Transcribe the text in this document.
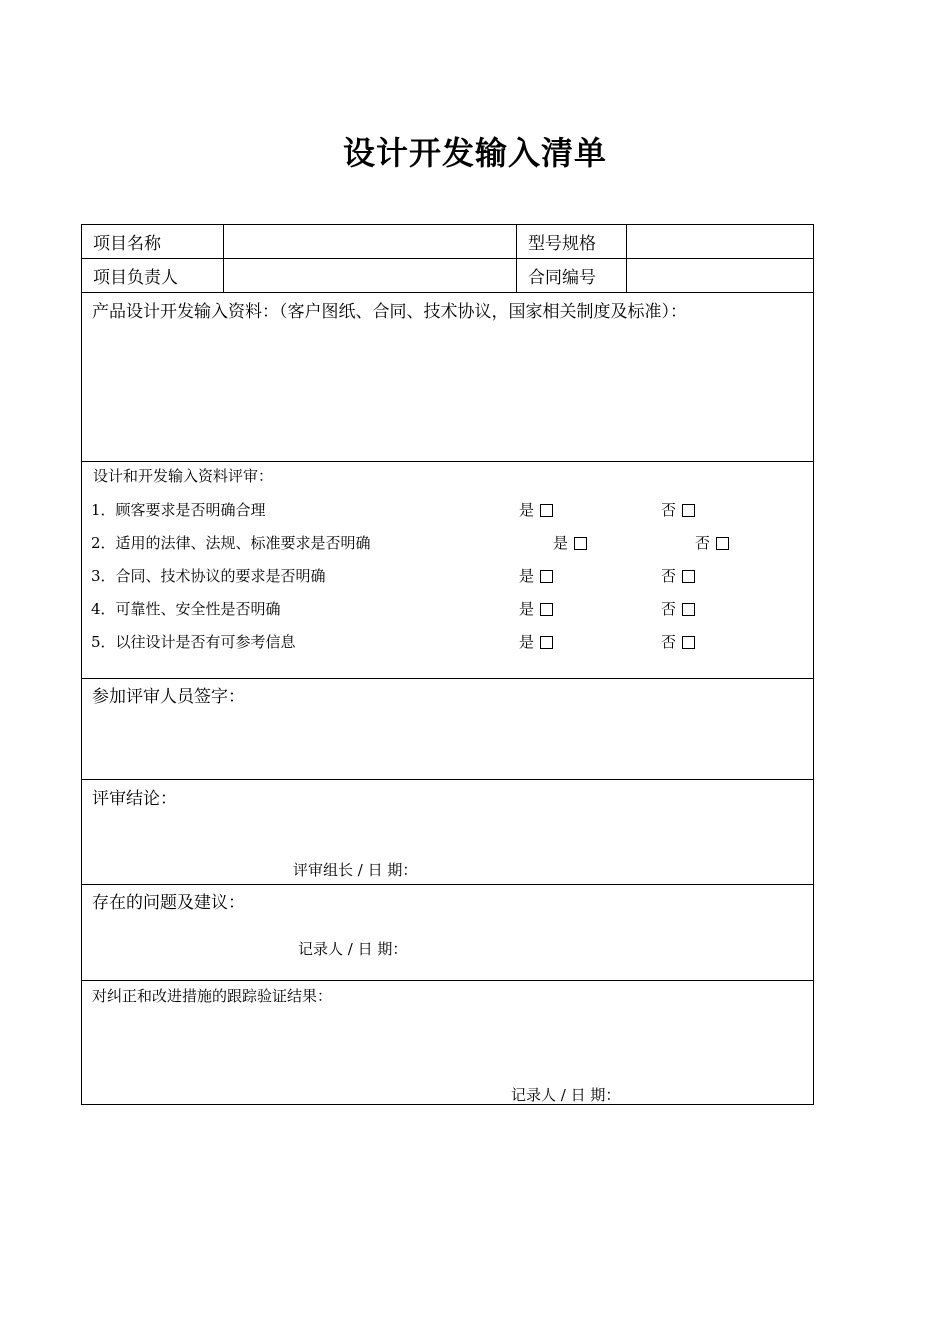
设计开发输入清单
项目名称	型号规格
项目负责人	合同编号
产品设计开发输入资料：（客户图纸、合同、技术协议，国家相关制度及标准）：
设计和开发输入资料评审：
1．顾客要求是否明确合理	是	否
2．适用的法律、法规、标准要求是否明确	是	否
3．合同、技术协议的要求是否明确	是	否
4．可靠性、安全性是否明确	是	否
5．以往设计是否有可参考信息	是	否
参加评审人员签字：
评审结论：
评审组长 / 日 期：
存在的问题及建议：
记录人 / 日 期：
对纠正和改进措施的跟踪验证结果：
记录人 / 日 期：
